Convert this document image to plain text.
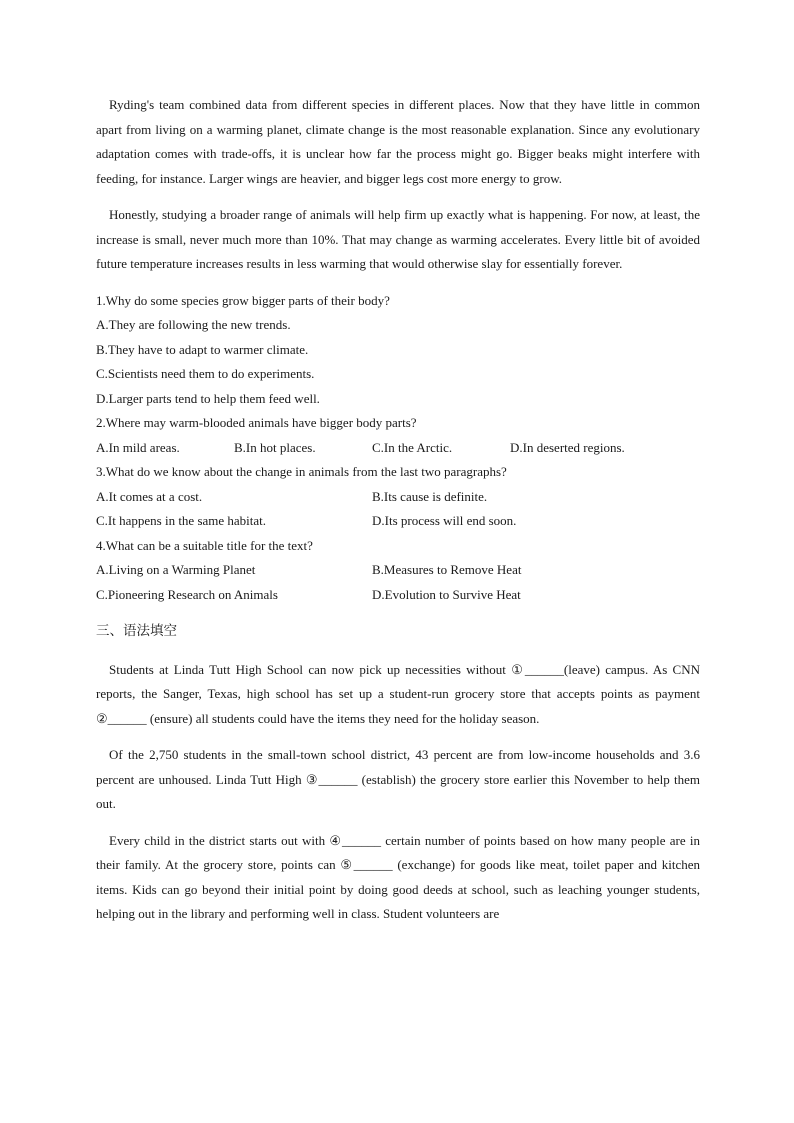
Ryding's team combined data from different species in different places. Now that they have little in common apart from living on a warming planet, climate change is the most reasonable explanation. Since any evolutionary adaptation comes with trade-offs, it is unclear how far the process might go. Bigger beaks might interfere with feeding, for instance. Larger wings are heavier, and bigger legs cost more energy to grow.

Honestly, studying a broader range of animals will help firm up exactly what is happening. For now, at least, the increase is small, never much more than 10%. That may change as warming accelerates. Every little bit of avoided future temperature increases results in less warming that would otherwise slay for essentially forever.

1.Why do some species grow bigger parts of their body?

A.They are following the new trends.

B.They have to adapt to warmer climate.

C.Scientists need them to do experiments.

D.Larger parts tend to help them feed well.

2.Where may warm-blooded animals have bigger body parts?

A.In mild areas.	B.In hot places.	C.In the Arctic.	D.In deserted regions.

3.What do we know about the change in animals from the last two paragraphs?

A.It comes at a cost.	B.Its cause is definite.
C.It happens in the same habitat.	D.Its process will end soon.

4.What can be a suitable title for the text?

A.Living on a Warming Planet	B.Measures to Remove Heat
C.Pioneering Research on Animals	D.Evolution to Survive Heat

三、语法填空

Students at Linda Tutt High School can now pick up necessities without ①______(leave) campus. As CNN reports, the Sanger, Texas, high school has set up a student-run grocery store that accepts points as payment ②______ (ensure) all students could have the items they need for the holiday season.

Of the 2,750 students in the small-town school district, 43 percent are from low-income households and 3.6 percent are unhoused. Linda Tutt High ③______ (establish) the grocery store earlier this November to help them out.

Every child in the district starts out with ④______ certain number of points based on how many people are in their family. At the grocery store, points can ⑤______ (exchange) for goods like meat, toilet paper and kitchen items. Kids can go beyond their initial point by doing good deeds at school, such as leaching younger students, helping out in the library and performing well in class. Student volunteers are
